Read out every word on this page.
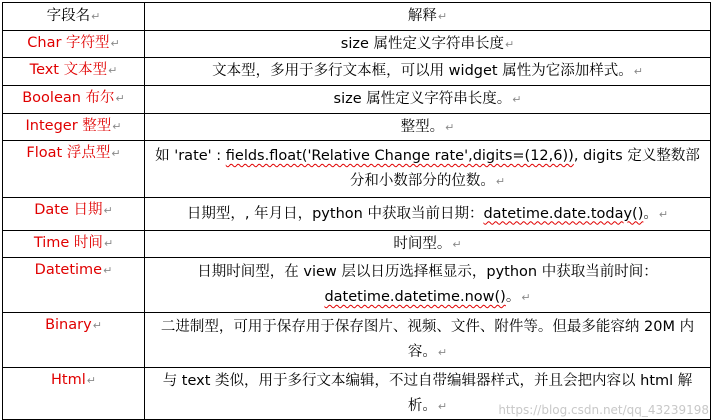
字段名↵	解释↵
Char 字符型↵	size 属性定义字符串长度↵
Text 文本型↵	文本型，多用于多行文本框，可以用 widget 属性为它添加样式。↵
Boolean 布尔↵	size 属性定义字符串长度。↵
Integer 整型↵	整型。↵
Float 浮点型↵	如 'rate' : fields.float('Relative Change rate',digits=(12,6)), digits 定义整数部分和小数部分的位数。↵
Date 日期↵	日期型，, 年月日，python 中获取当前日期：datetime.date.today()。↵
Time 时间↵	时间型。↵
Datetime↵	日期时间型，在 view 层以日历选择框显示，python 中获取当前时间：datetime.datetime.now()。↵
Binary↵	二进制型，可用于保存用于保存图片、视频、文件、附件等。但最多能容纳 20M 内容。↵
Html↵	与 text 类似，用于多行文本编辑，不过自带编辑器样式，并且会把内容以 html 解析。↵	https://blog.csdn.net/qq_43239198
